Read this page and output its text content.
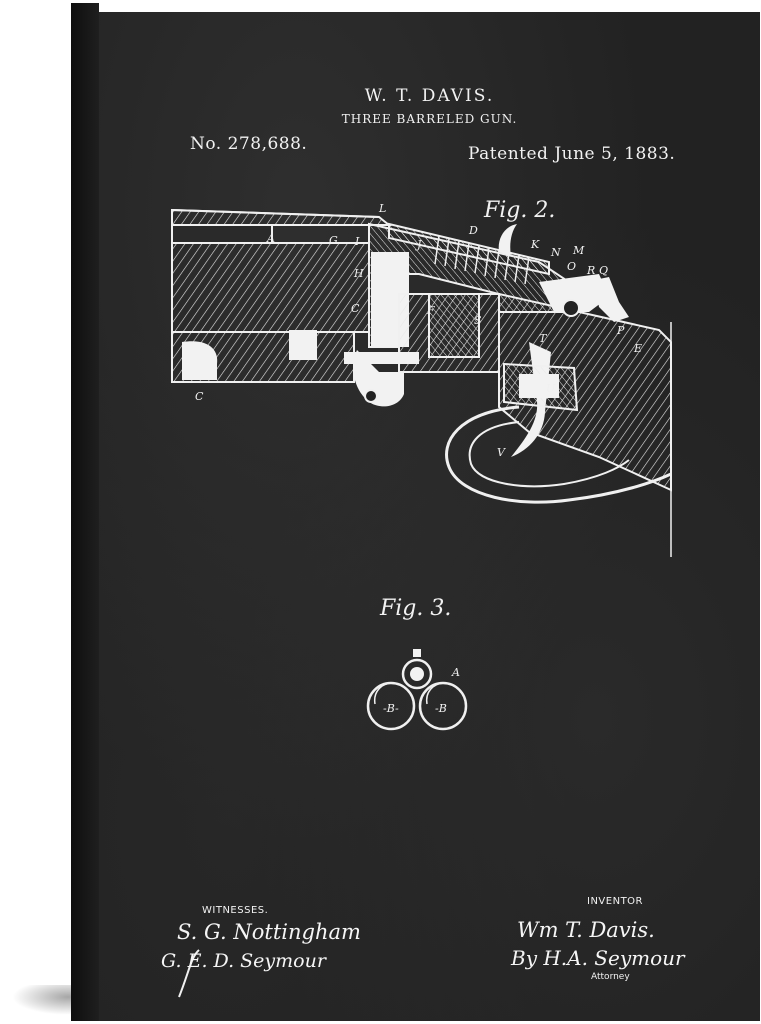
W. T. DAVIS.
THREE BARRELED GUN.
No. 278,688.	Patented June 5, 1883.
Fig. 2.
Fig. 3.
L
D
K
N M
A	G I	J
O R Q
H
E
P
C	F
S
T
U
V
C
A
-B-	-B
WITNESSES.
S. G. Nottingham
G. E. D. Seymour
INVENTOR
Wm T. Davis.
By H.A. Seymour
Attorney
